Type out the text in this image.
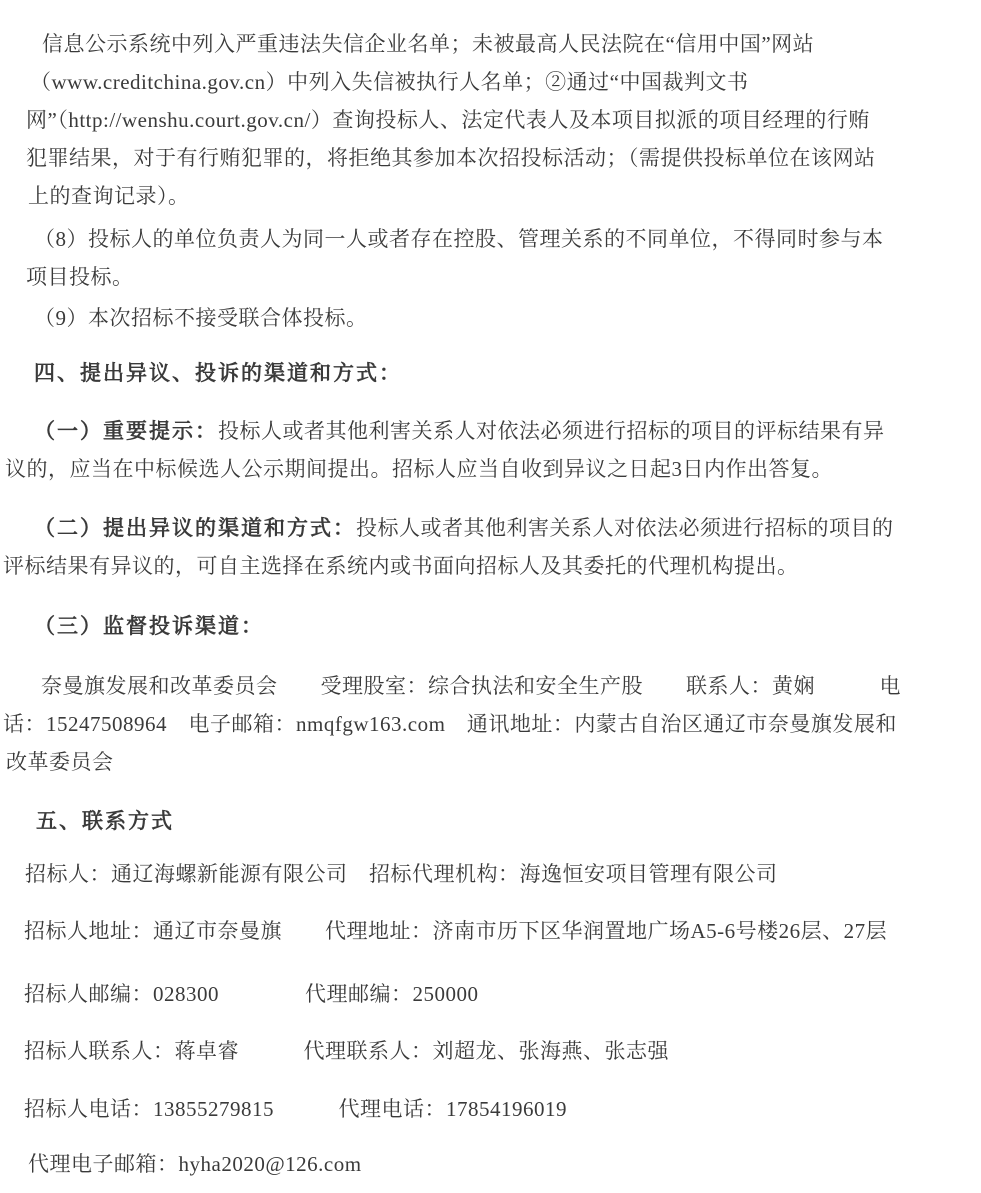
信息公示系统中列入严重违法失信企业名单；未被最高人民法院在“信用中国”网站
（www.creditchina.gov.cn）中列入失信被执行人名单；②通过“中国裁判文书
网”（http://wenshu.court.gov.cn/）查询投标人、法定代表人及本项目拟派的项目经理的行贿
犯罪结果，对于有行贿犯罪的，将拒绝其参加本次招投标活动；（需提供投标单位在该网站
上的查询记录）。
（8）投标人的单位负责人为同一人或者存在控股、管理关系的不同单位，不得同时参与本
项目投标。
（9）本次招标不接受联合体投标。
四、提出异议、投诉的渠道和方式：
（一）重要提示：投标人或者其他利害关系人对依法必须进行招标的项目的评标结果有异
议的，应当在中标候选人公示期间提出。招标人应当自收到异议之日起3日内作出答复。
（二）提出异议的渠道和方式：投标人或者其他利害关系人对依法必须进行招标的项目的
评标结果有异议的，可自主选择在系统内或书面向招标人及其委托的代理机构提出。
（三）监督投诉渠道：
奈曼旗发展和改革委员会　　受理股室：综合执法和安全生产股　　联系人：黄娴　　　电
话：15247508964　电子邮箱：nmqfgw163.com　通讯地址：内蒙古自治区通辽市奈曼旗发展和
改革委员会
五、联系方式
招标人：通辽海螺新能源有限公司　招标代理机构：海逸恒安项目管理有限公司
招标人地址：通辽市奈曼旗　　代理地址：济南市历下区华润置地广场A5-6号楼26层、27层
招标人邮编：028300　　　　代理邮编：250000
招标人联系人：蒋卓睿　　　代理联系人：刘超龙、张海燕、张志强
招标人电话：13855279815　　　代理电话：17854196019
代理电子邮箱：hyha2020@126.com
